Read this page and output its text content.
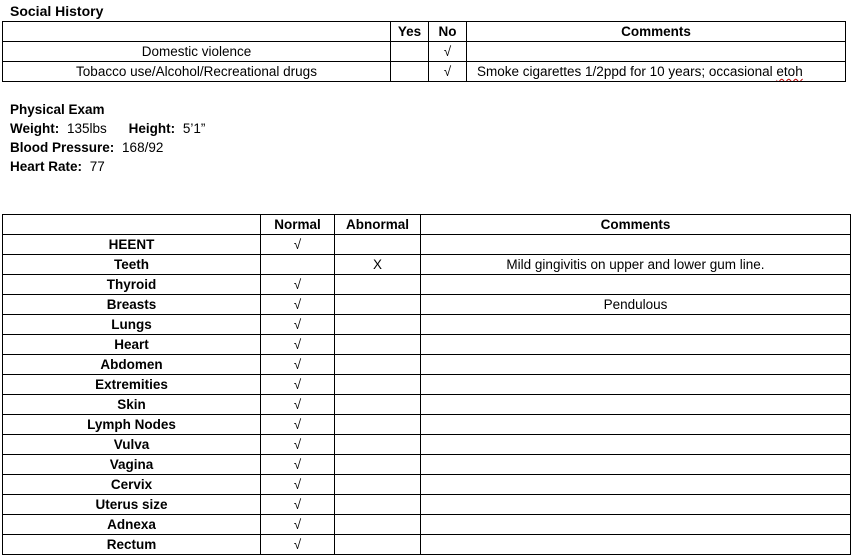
Social History
	Yes	No	Comments
Domestic violence		√	
Tobacco use/Alcohol/Recreational drugs		√	Smoke cigarettes 1/2ppd for 10 years; occasional etoh
Physical Exam
Weight: 135lbs Height: 5’1”
Blood Pressure: 168/92
Heart Rate: 77
	Normal	Abnormal	Comments
HEENT	√		
Teeth		X	Mild gingivitis on upper and lower gum line.
Thyroid	√		
Breasts	√		Pendulous
Lungs	√		
Heart	√		
Abdomen	√		
Extremities	√		
Skin	√		
Lymph Nodes	√		
Vulva	√		
Vagina	√		
Cervix	√		
Uterus size	√		
Adnexa	√		
Rectum	√		
